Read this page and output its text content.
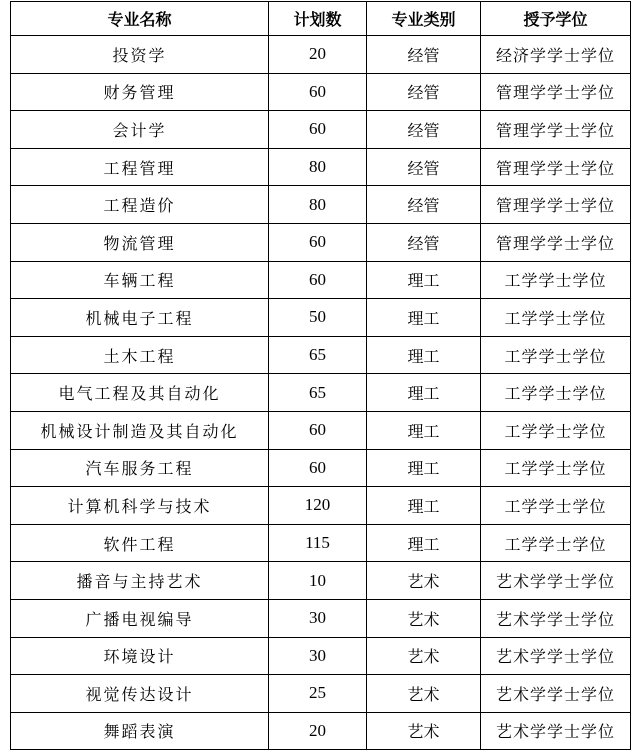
专业名称	计划数	专业类别	授予学位
投资学	20	经管	经济学学士学位
财务管理	60	经管	管理学学士学位
会计学	60	经管	管理学学士学位
工程管理	80	经管	管理学学士学位
工程造价	80	经管	管理学学士学位
物流管理	60	经管	管理学学士学位
车辆工程	60	理工	工学学士学位
机械电子工程	50	理工	工学学士学位
土木工程	65	理工	工学学士学位
电气工程及其自动化	65	理工	工学学士学位
机械设计制造及其自动化	60	理工	工学学士学位
汽车服务工程	60	理工	工学学士学位
计算机科学与技术	120	理工	工学学士学位
软件工程	115	理工	工学学士学位
播音与主持艺术	10	艺术	艺术学学士学位
广播电视编导	30	艺术	艺术学学士学位
环境设计	30	艺术	艺术学学士学位
视觉传达设计	25	艺术	艺术学学士学位
舞蹈表演	20	艺术	艺术学学士学位
